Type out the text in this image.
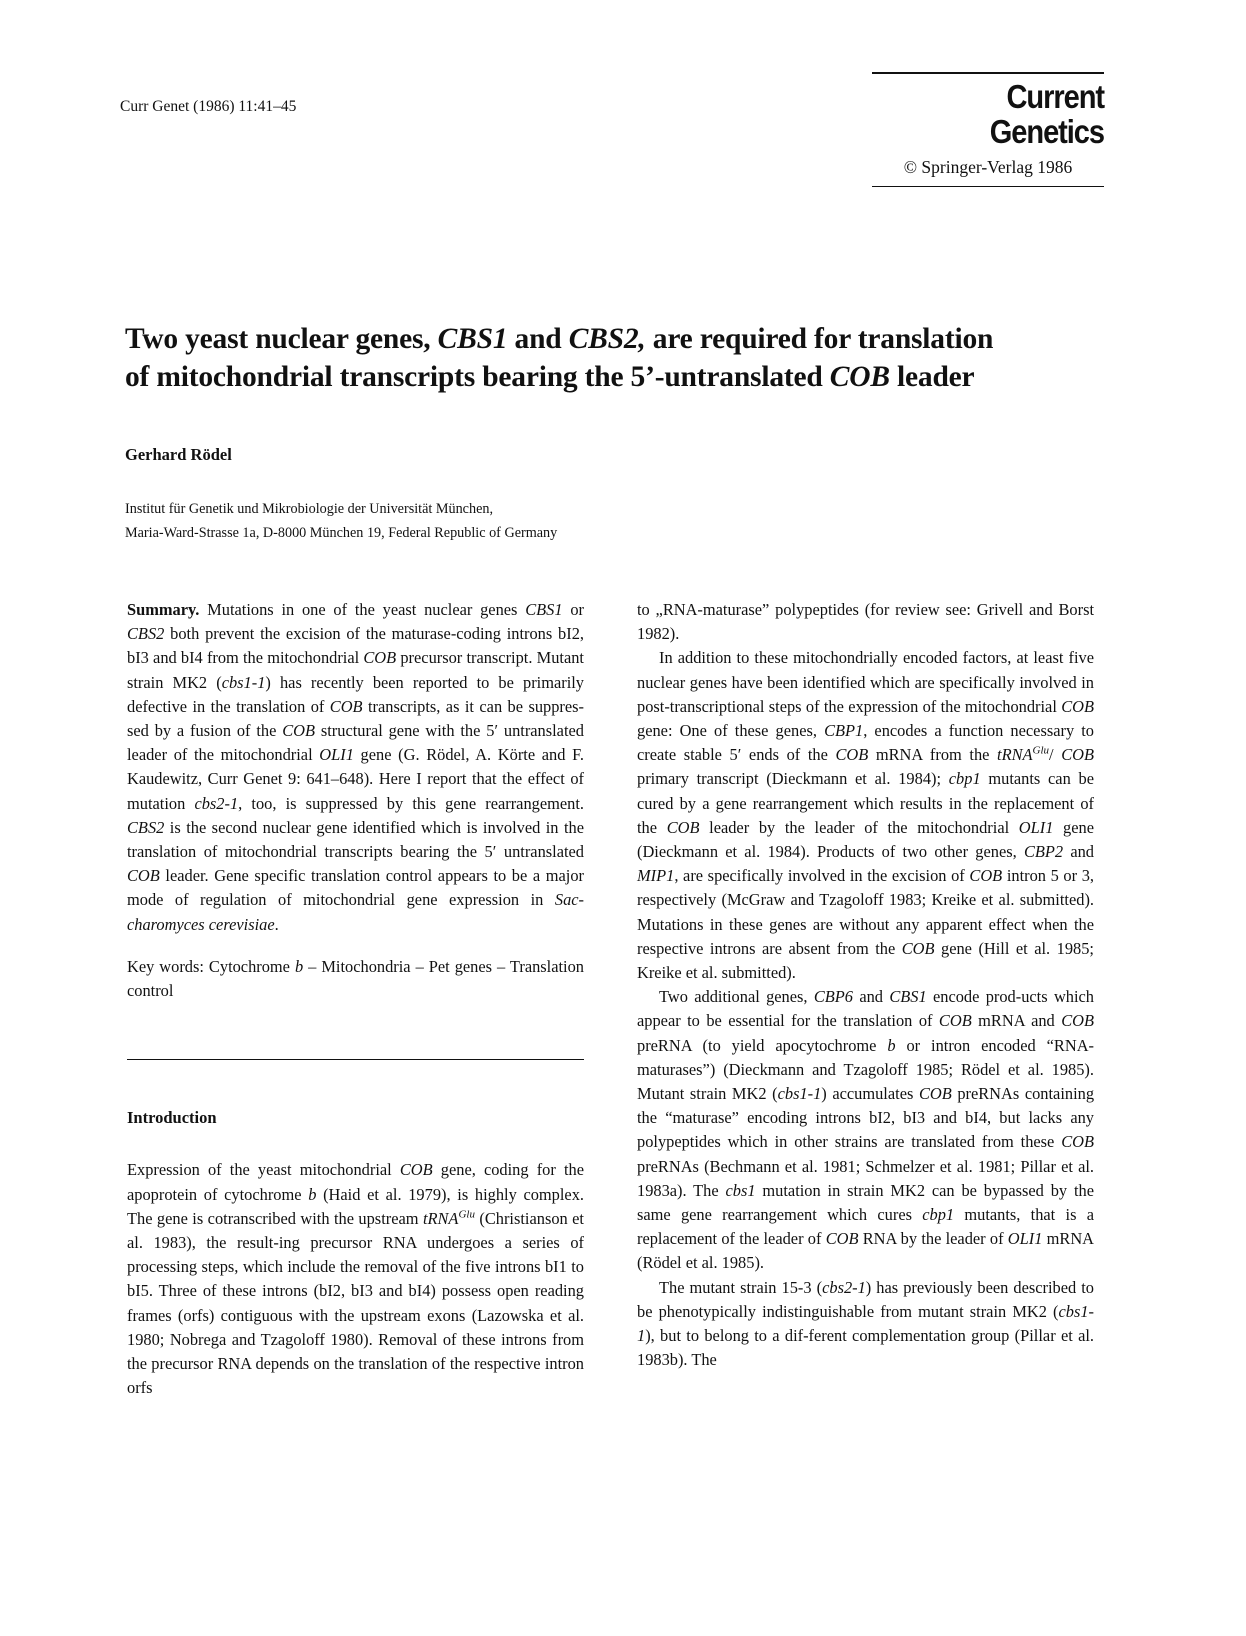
Curr Genet (1986) 11:41–45	Current Genetics
© Springer-Verlag 1986
Two yeast nuclear genes, CBS1 and CBS2, are required for translation
of mitochondrial transcripts bearing the 5’-untranslated COB leader
Gerhard Rödel
Institut für Genetik und Mikrobiologie der Universität München,
Maria-Ward-Strasse 1a, D-8000 München 19, Federal Republic of Germany

Summary. Mutations in one of the yeast nuclear genes CBS1 or CBS2 both prevent the excision of the maturase-coding introns bI2, bI3 and bI4 from the mitochondrial COB precursor transcript. Mutant strain MK2 (cbs1-1) has recently been reported to be primarily defective in the translation of COB transcripts, as it can be suppres-sed by a fusion of the COB structural gene with the 5′ untranslated leader of the mitochondrial OLI1 gene (G. Rödel, A. Körte and F. Kaudewitz, Curr Genet 9: 641–648). Here I report that the effect of mutation cbs2-1, too, is suppressed by this gene rearrangement. CBS2 is the second nuclear gene identified which is involved in the translation of mitochondrial transcripts bearing the 5′ untranslated COB leader. Gene specific translation control appears to be a major mode of regulation of mitochondrial gene expression in Sac-charomyces cerevisiae.

Key words: Cytochrome b – Mitochondria – Pet genes – Translation control

Introduction

Expression of the yeast mitochondrial COB gene, coding for the apoprotein of cytochrome b (Haid et al. 1979), is highly complex. The gene is cotranscribed with the upstream tRNA$^{Glu}$ (Christianson et al. 1983), the result-ing precursor RNA undergoes a series of processing steps, which include the removal of the five introns bI1 to bI5. Three of these introns (bI2, bI3 and bI4) possess open reading frames (orfs) contiguous with the upstream exons (Lazowska et al. 1980; Nobrega and Tzagoloff 1980). Removal of these introns from the precursor RNA depends on the translation of the respective intron orfs

to „RNA-maturase” polypeptides (for review see: Grivell and Borst 1982).

In addition to these mitochondrially encoded factors, at least five nuclear genes have been identified which are specifically involved in post-transcriptional steps of the expression of the mitochondrial COB gene: One of these genes, CBP1, encodes a function necessary to create stable 5′ ends of the COB mRNA from the tRNA$^{Glu}$/ COB primary transcript (Dieckmann et al. 1984); cbp1 mutants can be cured by a gene rearrangement which results in the replacement of the COB leader by the leader of the mitochondrial OLI1 gene (Dieckmann et al. 1984). Products of two other genes, CBP2 and MIP1, are specifically involved in the excision of COB intron 5 or 3, respectively (McGraw and Tzagoloff 1983; Kreike et al. submitted). Mutations in these genes are without any apparent effect when the respective introns are absent from the COB gene (Hill et al. 1985; Kreike et al. submitted).

Two additional genes, CBP6 and CBS1 encode prod-ucts which appear to be essential for the translation of COB mRNA and COB preRNA (to yield apocytochrome b or intron encoded “RNA-maturases”) (Dieckmann and Tzagoloff 1985; Rödel et al. 1985). Mutant strain MK2 (cbs1-1) accumulates COB preRNAs containing the “maturase” encoding introns bI2, bI3 and bI4, but lacks any polypeptides which in other strains are translated from these COB preRNAs (Bechmann et al. 1981; Schmelzer et al. 1981; Pillar et al. 1983a). The cbs1 mutation in strain MK2 can be bypassed by the same gene rearrangement which cures cbp1 mutants, that is a replacement of the leader of COB RNA by the leader of OLI1 mRNA (Rödel et al. 1985).

The mutant strain 15-3 (cbs2-1) has previously been described to be phenotypically indistinguishable from mutant strain MK2 (cbs1-1), but to belong to a dif-ferent complementation group (Pillar et al. 1983b). The
